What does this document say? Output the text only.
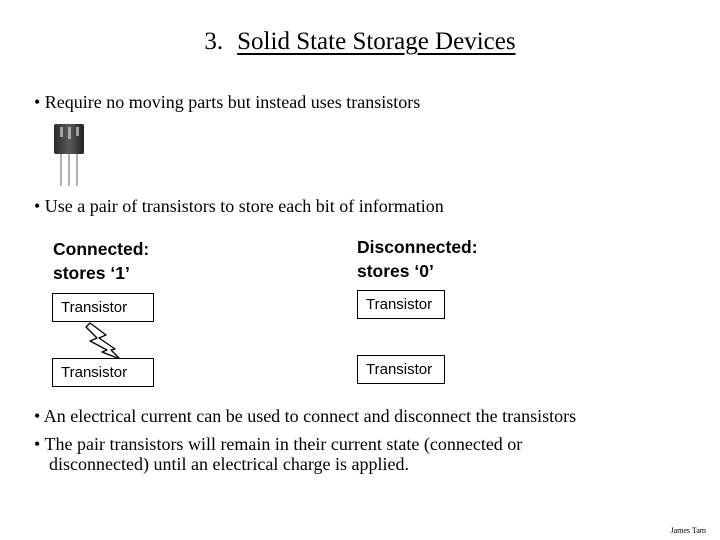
3. Solid State Storage Devices
• Require no moving parts but instead uses transistors
• Use a pair of transistors to store each bit of information
Connected:
stores ‘1’
Transistor
Transistor
Disconnected:
stores ‘0’
Transistor
Transistor
• An electrical current can be used to connect and disconnect the transistors
• The pair transistors will remain in their current state (connected or
disconnected) until an electrical charge is applied.
James Tam
